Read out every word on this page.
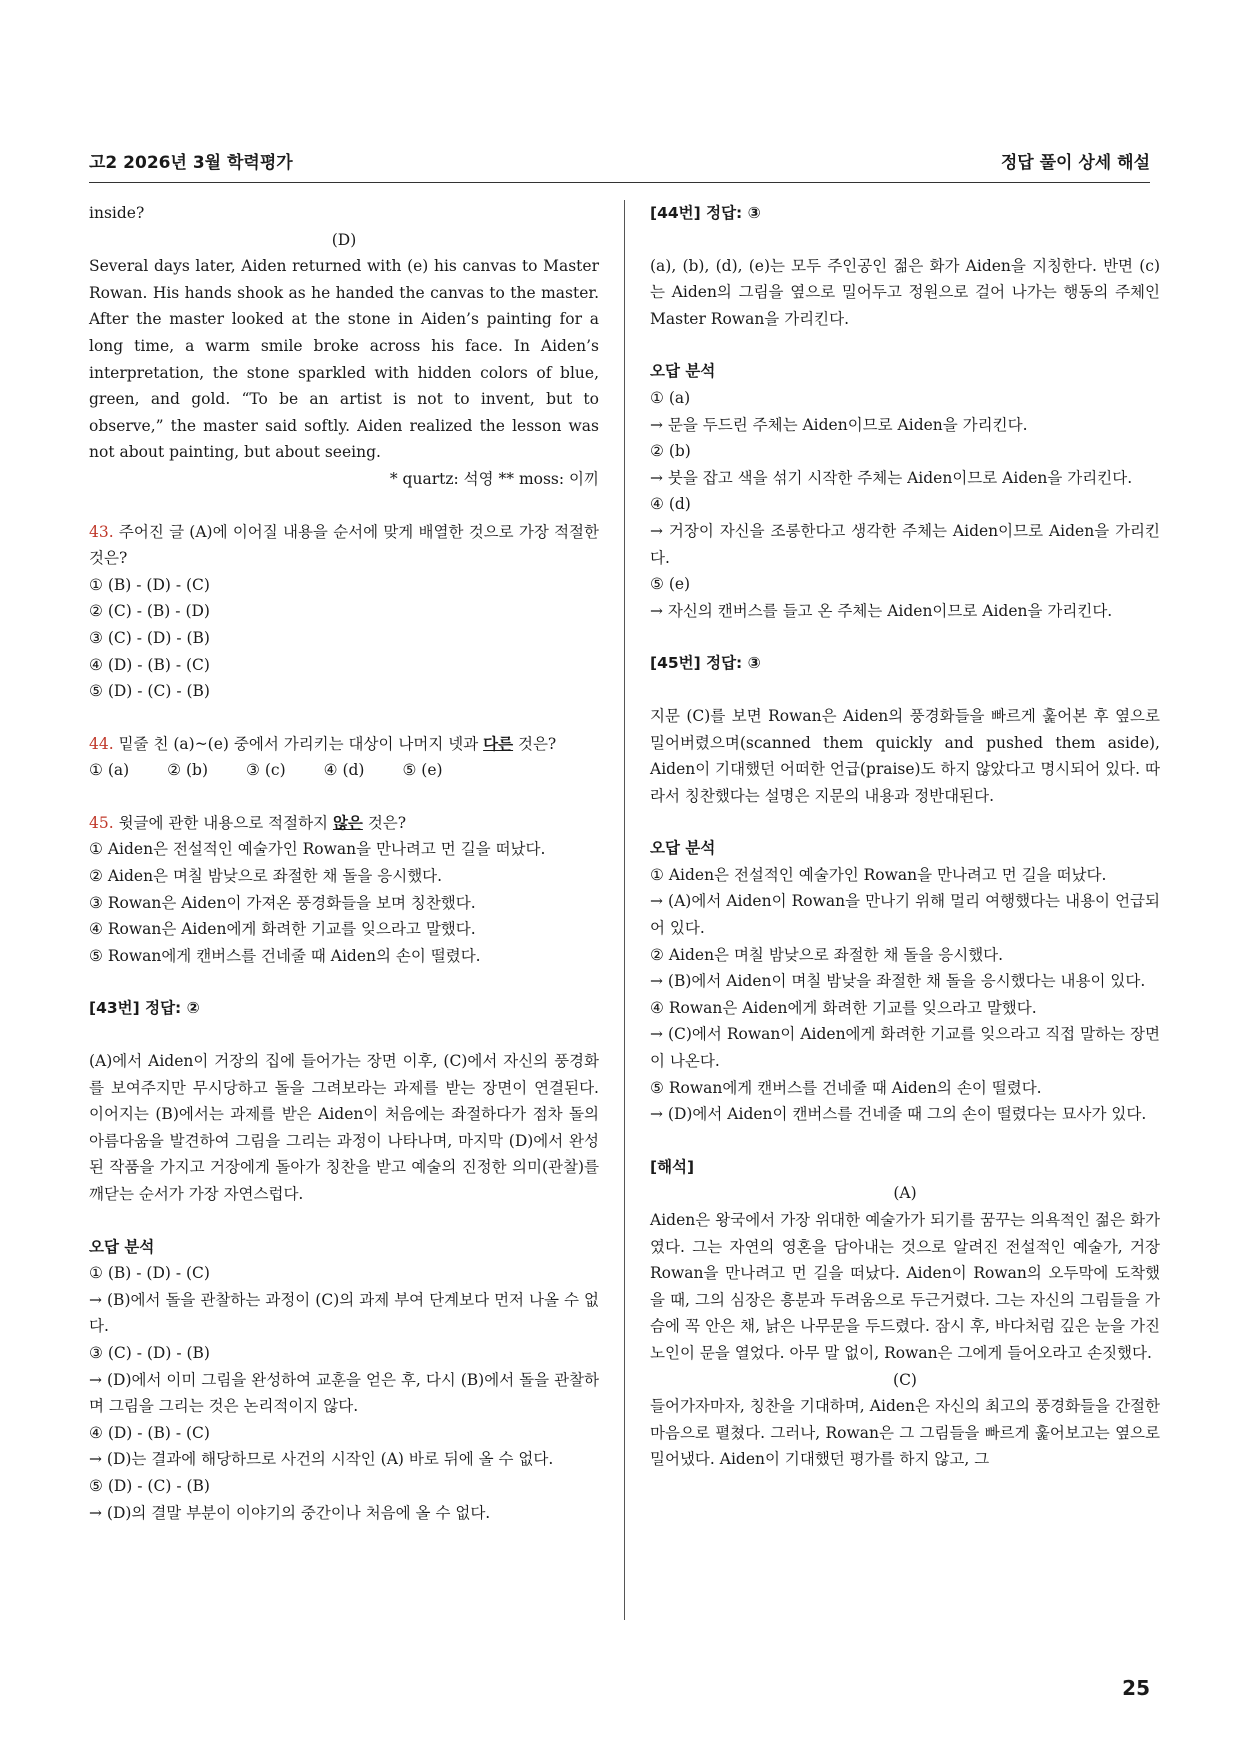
고2 2026년 3월 학력평가	정답 풀이 상세 해설

inside?

(D)

Several days later, Aiden returned with (e) his canvas to Master Rowan. His hands shook as he handed the canvas to the master. After the master looked at the stone in Aiden’s painting for a long time, a warm smile broke across his face. In Aiden’s interpretation, the stone sparkled with hidden colors of blue, green, and gold. “To be an artist is not to invent, but to observe,” the master said softly. Aiden realized the lesson was not about painting, but about seeing.

* quartz: 석영 ** moss: 이끼

43. 주어진 글 (A)에 이어질 내용을 순서에 맞게 배열한 것으로 가장 적절한 것은?

① (B) - (D) - (C)

② (C) - (B) - (D)

③ (C) - (D) - (B)

④ (D) - (B) - (C)

⑤ (D) - (C) - (B)

44. 밑줄 친 (a)~(e) 중에서 가리키는 대상이 나머지 넷과 다른 것은?

① (a) ② (b) ③ (c) ④ (d) ⑤ (e)

45. 윗글에 관한 내용으로 적절하지 않은 것은?

① Aiden은 전설적인 예술가인 Rowan을 만나려고 먼 길을 떠났다.

② Aiden은 며칠 밤낮으로 좌절한 채 돌을 응시했다.

③ Rowan은 Aiden이 가져온 풍경화들을 보며 칭찬했다.

④ Rowan은 Aiden에게 화려한 기교를 잊으라고 말했다.

⑤ Rowan에게 캔버스를 건네줄 때 Aiden의 손이 떨렸다.

[43번] 정답: ②

(A)에서 Aiden이 거장의 집에 들어가는 장면 이후, (C)에서 자신의 풍경화를 보여주지만 무시당하고 돌을 그려보라는 과제를 받는 장면이 연결된다. 이어지는 (B)에서는 과제를 받은 Aiden이 처음에는 좌절하다가 점차 돌의 아름다움을 발견하여 그림을 그리는 과정이 나타나며, 마지막 (D)에서 완성된 작품을 가지고 거장에게 돌아가 칭찬을 받고 예술의 진정한 의미(관찰)를 깨닫는 순서가 가장 자연스럽다.

오답 분석

① (B) - (D) - (C)

→ (B)에서 돌을 관찰하는 과정이 (C)의 과제 부여 단계보다 먼저 나올 수 없다.

③ (C) - (D) - (B)

→ (D)에서 이미 그림을 완성하여 교훈을 얻은 후, 다시 (B)에서 돌을 관찰하며 그림을 그리는 것은 논리적이지 않다.

④ (D) - (B) - (C)

→ (D)는 결과에 해당하므로 사건의 시작인 (A) 바로 뒤에 올 수 없다.

⑤ (D) - (C) - (B)

→ (D)의 결말 부분이 이야기의 중간이나 처음에 올 수 없다.

[44번] 정답: ③

(a), (b), (d), (e)는 모두 주인공인 젊은 화가 Aiden을 지칭한다. 반면 (c)는 Aiden의 그림을 옆으로 밀어두고 정원으로 걸어 나가는 행동의 주체인 Master Rowan을 가리킨다.

오답 분석

① (a)

→ 문을 두드린 주체는 Aiden이므로 Aiden을 가리킨다.

② (b)

→ 붓을 잡고 색을 섞기 시작한 주체는 Aiden이므로 Aiden을 가리킨다.

④ (d)

→ 거장이 자신을 조롱한다고 생각한 주체는 Aiden이므로 Aiden을 가리킨다.

⑤ (e)

→ 자신의 캔버스를 들고 온 주체는 Aiden이므로 Aiden을 가리킨다.

[45번] 정답: ③

지문 (C)를 보면 Rowan은 Aiden의 풍경화들을 빠르게 훑어본 후 옆으로 밀어버렸으며(scanned them quickly and pushed them aside), Aiden이 기대했던 어떠한 언급(praise)도 하지 않았다고 명시되어 있다. 따라서 칭찬했다는 설명은 지문의 내용과 정반대된다.

오답 분석

① Aiden은 전설적인 예술가인 Rowan을 만나려고 먼 길을 떠났다.

→ (A)에서 Aiden이 Rowan을 만나기 위해 멀리 여행했다는 내용이 언급되어 있다.

② Aiden은 며칠 밤낮으로 좌절한 채 돌을 응시했다.

→ (B)에서 Aiden이 며칠 밤낮을 좌절한 채 돌을 응시했다는 내용이 있다.

④ Rowan은 Aiden에게 화려한 기교를 잊으라고 말했다.

→ (C)에서 Rowan이 Aiden에게 화려한 기교를 잊으라고 직접 말하는 장면이 나온다.

⑤ Rowan에게 캔버스를 건네줄 때 Aiden의 손이 떨렸다.

→ (D)에서 Aiden이 캔버스를 건네줄 때 그의 손이 떨렸다는 묘사가 있다.

[해석]

(A)

Aiden은 왕국에서 가장 위대한 예술가가 되기를 꿈꾸는 의욕적인 젊은 화가였다. 그는 자연의 영혼을 담아내는 것으로 알려진 전설적인 예술가, 거장 Rowan을 만나려고 먼 길을 떠났다. Aiden이 Rowan의 오두막에 도착했을 때, 그의 심장은 흥분과 두려움으로 두근거렸다. 그는 자신의 그림들을 가슴에 꼭 안은 채, 낡은 나무문을 두드렸다. 잠시 후, 바다처럼 깊은 눈을 가진 노인이 문을 열었다. 아무 말 없이, Rowan은 그에게 들어오라고 손짓했다.

(C)

들어가자마자, 칭찬을 기대하며, Aiden은 자신의 최고의 풍경화들을 간절한 마음으로 펼쳤다. 그러나, Rowan은 그 그림들을 빠르게 훑어보고는 옆으로 밀어냈다. Aiden이 기대했던 평가를 하지 않고, 그

25
